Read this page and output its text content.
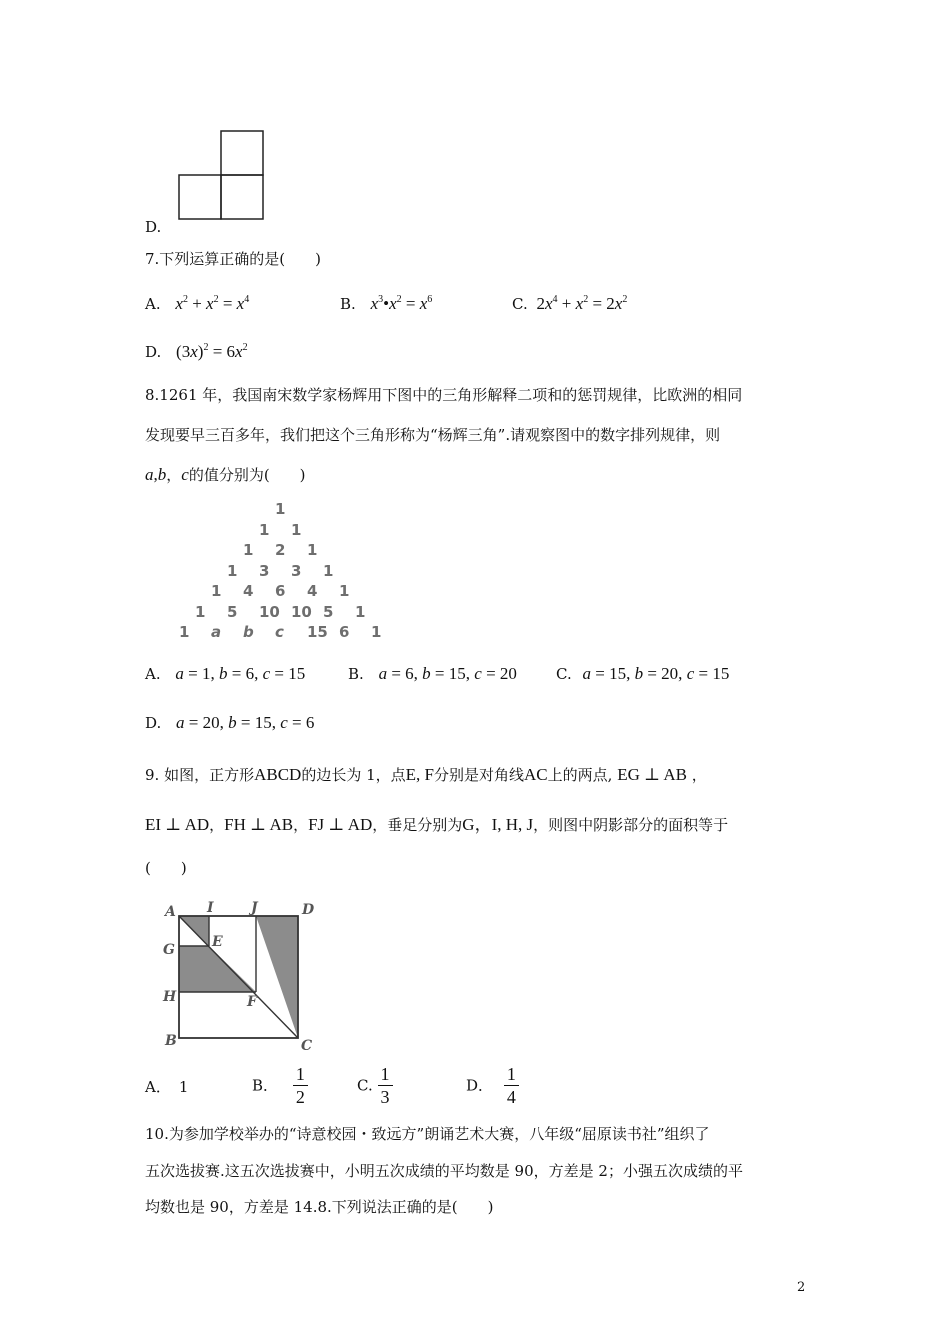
D.
7.下列运算正确的是(　　)
A. $x^2 + x^2 = x^4$	B. $x^3•x^2 = x^6$	C. $2x^4 + x^2 = 2x^2$
D. $(3x)^2 = 6x^2$
8.1261 年，我国南宋数学家杨辉用下图中的三角形解释二项和的惩罚规律，比欧洲的相同
发现要早三百多年，我们把这个三角形称为“杨辉三角”.请观察图中的数字排列规律，则
a,b，c的值分别为(　　)
1
1 1
1 2 1
1 3 3 1
1 4 6 4 1
1 5 10 10 5 1
1 a b c 15 6 1
A. a = 1, b = 6, c = 15	B. a = 6, b = 15, c = 20	C. a = 15, b = 20, c = 15
D. a = 20, b = 15, c = 6
9. 如图，正方形ABCD的边长为 1，点E, F分别是对角线AC上的两点, EG ⊥ AB ，
EI ⊥ AD，FH ⊥ AB，FJ ⊥ AD，垂足分别为G，I, H, J，则图中阴影部分的面积等于
(　　)
A I	J	D
G	E
H	F
B	C
A． 1	B． $\frac{1}{2}$	C. $\frac{1}{3}$	D． $\frac{1}{4}$
10.为参加学校举办的“诗意校园・致远方”朗诵艺术大赛，八年级“屈原读书社”组织了
五次选拔赛.这五次选拔赛中，小明五次成绩的平均数是 90，方差是 2；小强五次成绩的平
均数也是 90，方差是 14.8.下列说法正确的是(　　)
2
